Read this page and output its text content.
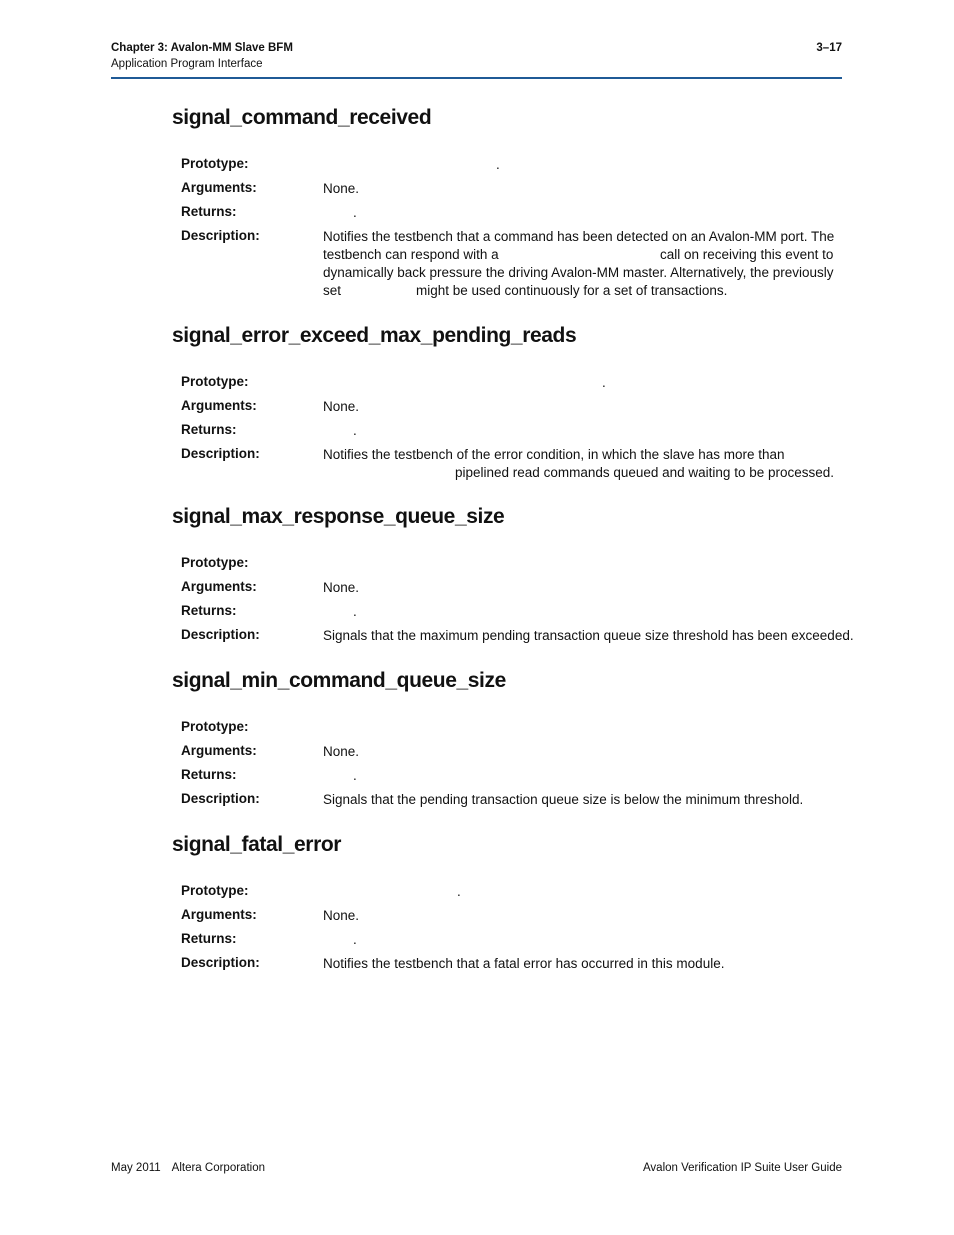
Chapter 3: Avalon-MM Slave BFM
Application Program Interface
3–17
signal_command_received
Prototype:	.
Arguments:	None.
Returns:	.
Description:	Notifies the testbench that a command has been detected on an Avalon-MM port. The
testbench can respond with a	call on receiving this event to
dynamically back pressure the driving Avalon-MM master. Alternatively, the previously
set	might be used continuously for a set of transactions.
signal_error_exceed_max_pending_reads
Prototype:	.
Arguments:	None.
Returns:	.
Description:	Notifies the testbench of the error condition, in which the slave has more than
pipelined read commands queued and waiting to be processed.
signal_max_response_queue_size
Prototype:
Arguments:	None.
Returns:	.
Description:	Signals that the maximum pending transaction queue size threshold has been exceeded.
signal_min_command_queue_size
Prototype:
Arguments:	None.
Returns:	.
Description:	Signals that the pending transaction queue size is below the minimum threshold.
signal_fatal_error
Prototype:	.
Arguments:	None.
Returns:	.
Description:	Notifies the testbench that a fatal error has occurred in this module.
May 2011 Altera Corporation	Avalon Verification IP Suite User Guide
